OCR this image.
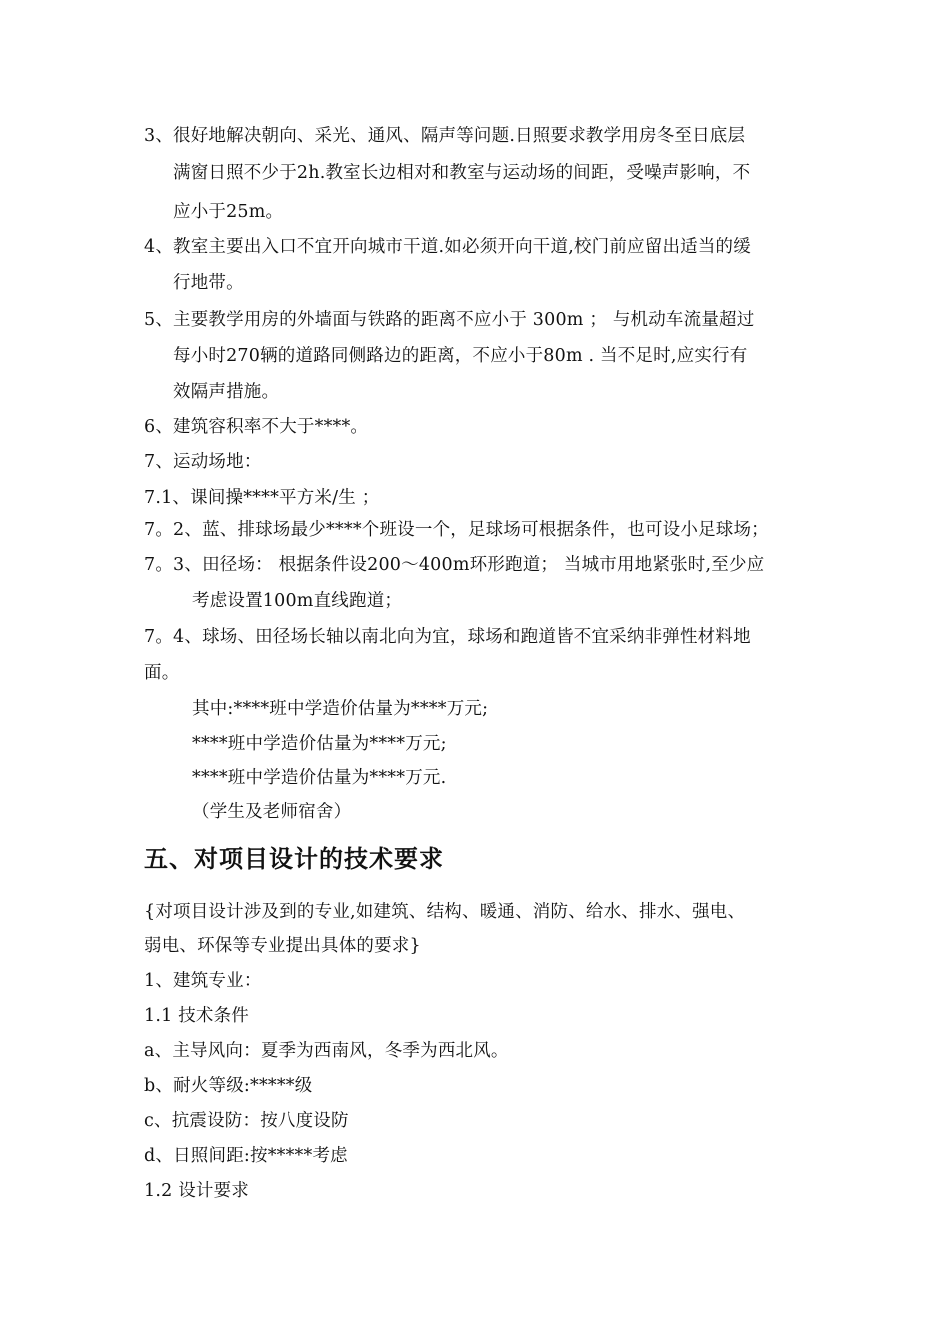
3、很好地解决朝向、采光、通风、隔声等问题.日照要求教学用房冬至日底层
满窗日照不少于2h.教室长边相对和教室与运动场的间距，受噪声影响，不
应小于25m。
4、教室主要出入口不宜开向城市干道.如必须开向干道,校门前应留出适当的缓
行地带。
5、主要教学用房的外墙面与铁路的距离不应小于 300m ； 与机动车流量超过
每小时270辆的道路同侧路边的距离，不应小于80m . 当不足时,应实行有
效隔声措施。
6、建筑容积率不大于****。
7、运动场地：
7.1、课间操****平方米/生 ；
7。2、蓝、排球场最少****个班设一个，足球场可根据条件，也可设小足球场；
7。3、田径场： 根据条件设200～400m环形跑道； 当城市用地紧张时,至少应
考虑设置100m直线跑道；
7。4、球场、田径场长轴以南北向为宜，球场和跑道皆不宜采纳非弹性材料地
面。
其中:****班中学造价估量为****万元;
****班中学造价估量为****万元;
****班中学造价估量为****万元.
（学生及老师宿舍）
五、对项目设计的技术要求
{对项目设计涉及到的专业,如建筑、结构、暖通、消防、给水、排水、强电、
弱电、环保等专业提出具体的要求}
1、建筑专业：
1.1 技术条件
a、主导风向：夏季为西南风，冬季为西北风。
b、耐火等级:*****级
c、抗震设防：按八度设防
d、日照间距:按*****考虑
1.2 设计要求
